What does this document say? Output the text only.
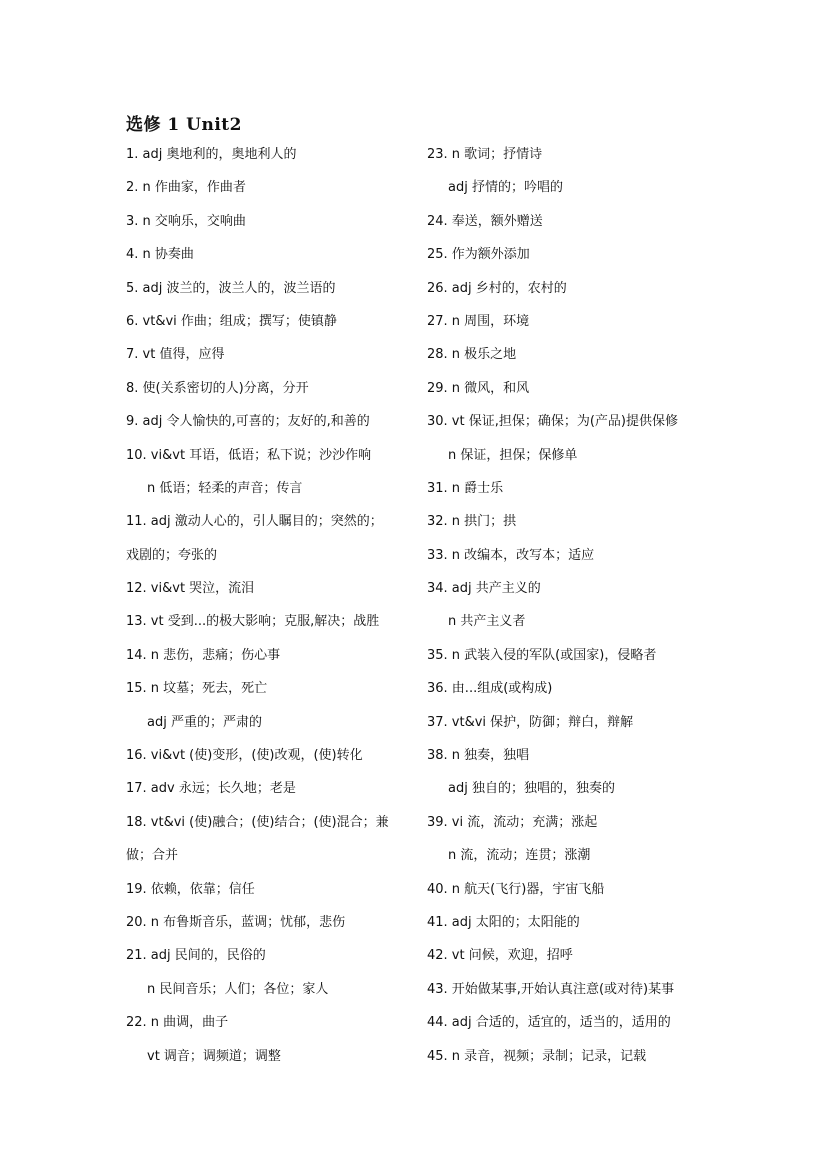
选修 1 Unit2
1. adj 奥地利的，奥地利人的
2. n 作曲家，作曲者
3. n 交响乐，交响曲
4. n 协奏曲
5. adj 波兰的，波兰人的，波兰语的
6. vt&vi 作曲；组成；撰写；使镇静
7. vt 值得，应得
8. 使(关系密切的人)分离，分开
9. adj 令人愉快的,可喜的；友好的,和善的
10. vi&vt 耳语，低语；私下说；沙沙作响
n 低语；轻柔的声音；传言
11. adj 激动人心的，引人瞩目的；突然的；
戏剧的；夸张的
12. vi&vt 哭泣，流泪
13. vt 受到...的极大影响；克服,解决；战胜
14. n 悲伤，悲痛；伤心事
15. n 坟墓；死去，死亡
adj 严重的；严肃的
16. vi&vt (使)变形，(使)改观，(使)转化
17. adv 永远；长久地；老是
18. vt&vi (使)融合；(使)结合；(使)混合；兼
做；合并
19. 依赖，依靠；信任
20. n 布鲁斯音乐，蓝调；忧郁，悲伤
21. adj 民间的，民俗的
n 民间音乐；人们；各位；家人
22. n 曲调，曲子
vt 调音；调频道；调整
23. n 歌词；抒情诗
adj 抒情的；吟唱的
24. 奉送，额外赠送
25. 作为额外添加
26. adj 乡村的，农村的
27. n 周围，环境
28. n 极乐之地
29. n 微风，和风
30. vt 保证,担保；确保；为(产品)提供保修
n 保证，担保；保修单
31. n 爵士乐
32. n 拱门；拱
33. n 改编本，改写本；适应
34. adj 共产主义的
n 共产主义者
35. n 武装入侵的军队(或国家)，侵略者
36. 由...组成(或构成)
37. vt&vi 保护，防御；辩白，辩解
38. n 独奏，独唱
adj 独自的；独唱的，独奏的
39. vi 流，流动；充满；涨起
n 流，流动；连贯；涨潮
40. n 航天(飞行)器，宇宙飞船
41. adj 太阳的；太阳能的
42. vt 问候，欢迎，招呼
43. 开始做某事,开始认真注意(或对待)某事
44. adj 合适的，适宜的，适当的，适用的
45. n 录音，视频；录制；记录，记载
